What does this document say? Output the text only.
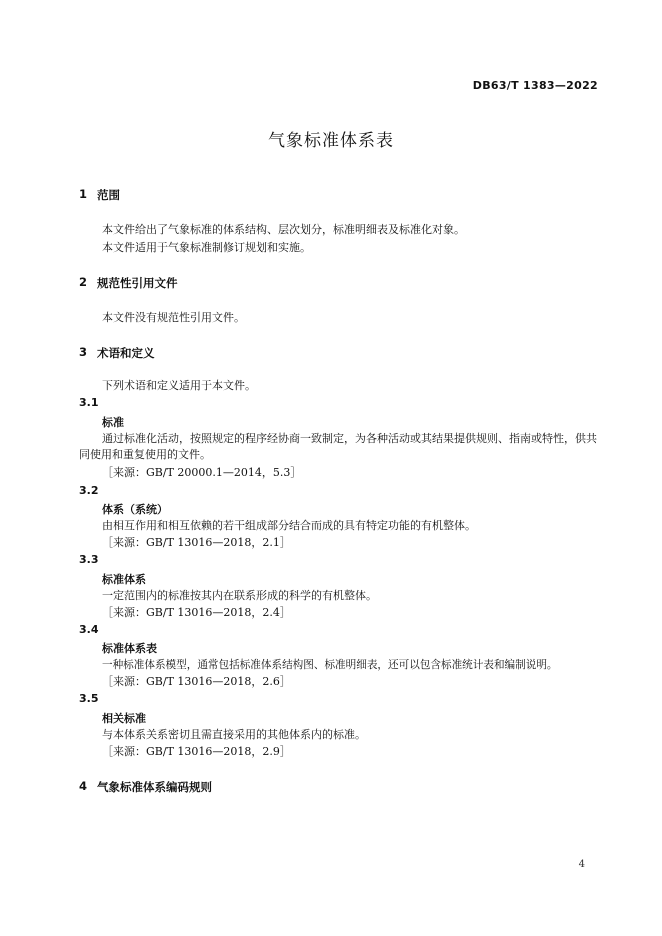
DB63/T 1383—2022
气象标准体系表
1 范围
本文件给出了气象标准的体系结构、层次划分，标准明细表及标准化对象。
本文件适用于气象标准制修订规划和实施。
2 规范性引用文件
本文件没有规范性引用文件。
3 术语和定义
下列术语和定义适用于本文件。
3.1
标准
通过标准化活动，按照规定的程序经协商一致制定，为各种活动或其结果提供规则、指南或特性，供共同使用和重复使用的文件。
［来源：GB/T 20000.1—2014，5.3］
3.2
体系（系统）
由相互作用和相互依赖的若干组成部分结合而成的具有特定功能的有机整体。
［来源：GB/T 13016—2018，2.1］
3.3
标准体系
一定范围内的标准按其内在联系形成的科学的有机整体。
［来源：GB/T 13016—2018，2.4］
3.4
标准体系表
一种标准体系模型，通常包括标准体系结构图、标准明细表，还可以包含标准统计表和编制说明。
［来源：GB/T 13016—2018，2.6］
3.5
相关标准
与本体系关系密切且需直接采用的其他体系内的标准。
［来源：GB/T 13016—2018，2.9］
4 气象标准体系编码规则
4
